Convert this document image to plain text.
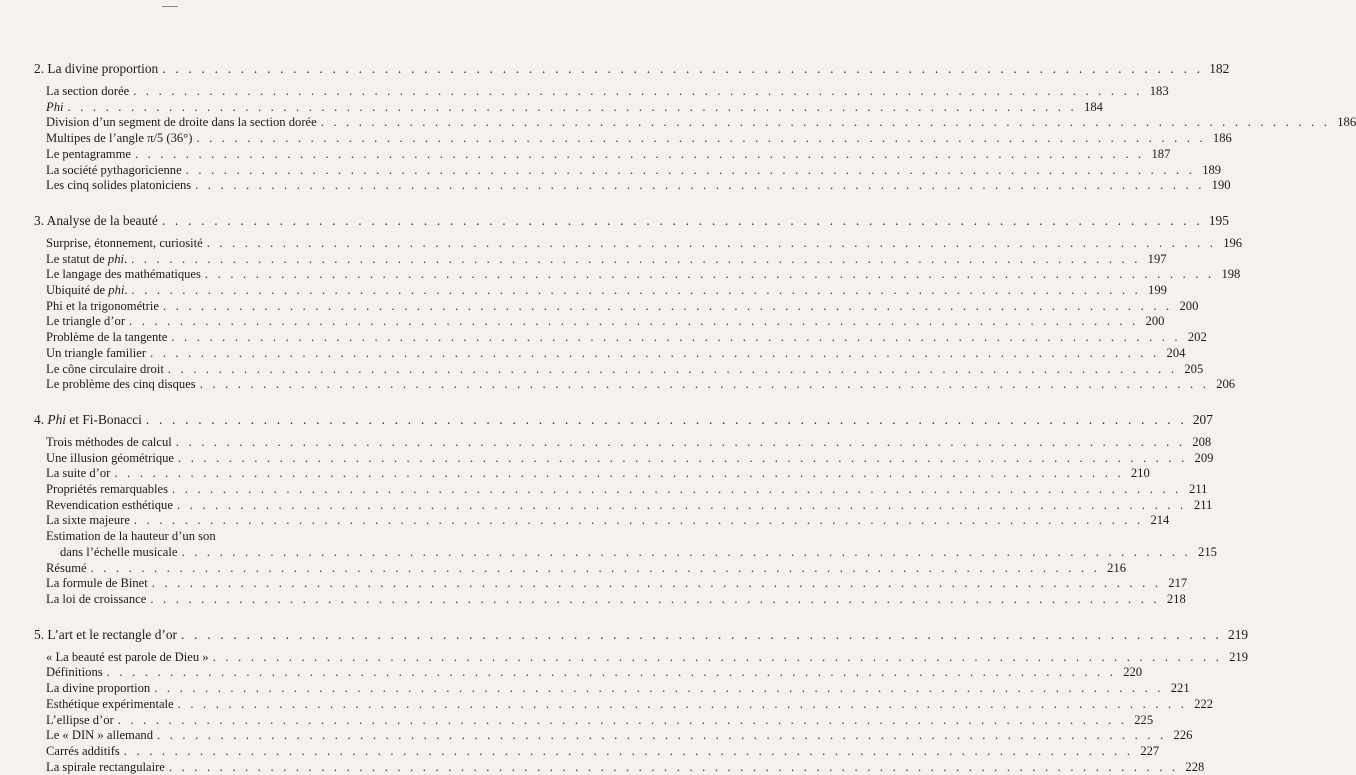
2. La divine proportion . . . . . . . . . . . . . . . . . . . . . . . . . . . . . . . . . . . . . . . . . . . . . . . . . . . . . . . . . . . . . . . . . . . . . . . . . . . . . . . . 182
La section dorée . . . . . . . . . . . . . . . . . . . . . . . . . . . . . . . . . . . . . . . . . . . . . . . . . . . . . . . . . . . . . . . . . . . . . . . . . . . . . . . . 183
Phi . . . . . . . . . . . . . . . . . . . . . . . . . . . . . . . . . . . . . . . . . . . . . . . . . . . . . . . . . . . . . . . . . . . . . . . . . . . . . . . . 184
Division d’un segment de droite dans la section dorée . . . . . . . . . . . . . . . . . . . . . . . . . . . . . . . . . . . . . . . . . . . . . . . . . . . . . . . . . . . . . . . . . . . . . . . . . . . . . . . . 186
Multipes de l’angle π/5 (36°) . . . . . . . . . . . . . . . . . . . . . . . . . . . . . . . . . . . . . . . . . . . . . . . . . . . . . . . . . . . . . . . . . . . . . . . . . . . . . . . . 186
Le pentagramme . . . . . . . . . . . . . . . . . . . . . . . . . . . . . . . . . . . . . . . . . . . . . . . . . . . . . . . . . . . . . . . . . . . . . . . . . . . . . . . . 187
La société pythagoricienne . . . . . . . . . . . . . . . . . . . . . . . . . . . . . . . . . . . . . . . . . . . . . . . . . . . . . . . . . . . . . . . . . . . . . . . . . . . . . . . . 189
Les cinq solides platoniciens . . . . . . . . . . . . . . . . . . . . . . . . . . . . . . . . . . . . . . . . . . . . . . . . . . . . . . . . . . . . . . . . . . . . . . . . . . . . . . . . 190
3. Analyse de la beauté . . . . . . . . . . . . . . . . . . . . . . . . . . . . . . . . . . . . . . . . . . . . . . . . . . . . . . . . . . . . . . . . . . . . . . . . . . . . . . . . 195
Surprise, étonnement, curiosité . . . . . . . . . . . . . . . . . . . . . . . . . . . . . . . . . . . . . . . . . . . . . . . . . . . . . . . . . . . . . . . . . . . . . . . . . . . . . . . . 196
Le statut de phi. . . . . . . . . . . . . . . . . . . . . . . . . . . . . . . . . . . . . . . . . . . . . . . . . . . . . . . . . . . . . . . . . . . . . . . . . . . . . . . . . 197
Le langage des mathématiques . . . . . . . . . . . . . . . . . . . . . . . . . . . . . . . . . . . . . . . . . . . . . . . . . . . . . . . . . . . . . . . . . . . . . . . . . . . . . . . . 198
Ubiquité de phi. . . . . . . . . . . . . . . . . . . . . . . . . . . . . . . . . . . . . . . . . . . . . . . . . . . . . . . . . . . . . . . . . . . . . . . . . . . . . . . . . 199
Phi et la trigonométrie . . . . . . . . . . . . . . . . . . . . . . . . . . . . . . . . . . . . . . . . . . . . . . . . . . . . . . . . . . . . . . . . . . . . . . . . . . . . . . . . 200
Le triangle d’or . . . . . . . . . . . . . . . . . . . . . . . . . . . . . . . . . . . . . . . . . . . . . . . . . . . . . . . . . . . . . . . . . . . . . . . . . . . . . . . . 200
Problème de la tangente . . . . . . . . . . . . . . . . . . . . . . . . . . . . . . . . . . . . . . . . . . . . . . . . . . . . . . . . . . . . . . . . . . . . . . . . . . . . . . . . 202
Un triangle familier . . . . . . . . . . . . . . . . . . . . . . . . . . . . . . . . . . . . . . . . . . . . . . . . . . . . . . . . . . . . . . . . . . . . . . . . . . . . . . . . 204
Le cône circulaire droit . . . . . . . . . . . . . . . . . . . . . . . . . . . . . . . . . . . . . . . . . . . . . . . . . . . . . . . . . . . . . . . . . . . . . . . . . . . . . . . . 205
Le problème des cinq disques . . . . . . . . . . . . . . . . . . . . . . . . . . . . . . . . . . . . . . . . . . . . . . . . . . . . . . . . . . . . . . . . . . . . . . . . . . . . . . . . 206
4. Phi et Fi-Bonacci . . . . . . . . . . . . . . . . . . . . . . . . . . . . . . . . . . . . . . . . . . . . . . . . . . . . . . . . . . . . . . . . . . . . . . . . . . . . . . . . 207
Trois méthodes de calcul . . . . . . . . . . . . . . . . . . . . . . . . . . . . . . . . . . . . . . . . . . . . . . . . . . . . . . . . . . . . . . . . . . . . . . . . . . . . . . . . 208
Une illusion géométrique . . . . . . . . . . . . . . . . . . . . . . . . . . . . . . . . . . . . . . . . . . . . . . . . . . . . . . . . . . . . . . . . . . . . . . . . . . . . . . . . 209
La suite d’or . . . . . . . . . . . . . . . . . . . . . . . . . . . . . . . . . . . . . . . . . . . . . . . . . . . . . . . . . . . . . . . . . . . . . . . . . . . . . . . . 210
Propriétés remarquables . . . . . . . . . . . . . . . . . . . . . . . . . . . . . . . . . . . . . . . . . . . . . . . . . . . . . . . . . . . . . . . . . . . . . . . . . . . . . . . . 211
Revendication esthétique . . . . . . . . . . . . . . . . . . . . . . . . . . . . . . . . . . . . . . . . . . . . . . . . . . . . . . . . . . . . . . . . . . . . . . . . . . . . . . . . 211
La sixte majeure . . . . . . . . . . . . . . . . . . . . . . . . . . . . . . . . . . . . . . . . . . . . . . . . . . . . . . . . . . . . . . . . . . . . . . . . . . . . . . . . 214
Estimation de la hauteur d’un son
dans l’échelle musicale . . . . . . . . . . . . . . . . . . . . . . . . . . . . . . . . . . . . . . . . . . . . . . . . . . . . . . . . . . . . . . . . . . . . . . . . . . . . . . . . 215
Résumé . . . . . . . . . . . . . . . . . . . . . . . . . . . . . . . . . . . . . . . . . . . . . . . . . . . . . . . . . . . . . . . . . . . . . . . . . . . . . . . . 216
La formule de Binet . . . . . . . . . . . . . . . . . . . . . . . . . . . . . . . . . . . . . . . . . . . . . . . . . . . . . . . . . . . . . . . . . . . . . . . . . . . . . . . . 217
La loi de croissance . . . . . . . . . . . . . . . . . . . . . . . . . . . . . . . . . . . . . . . . . . . . . . . . . . . . . . . . . . . . . . . . . . . . . . . . . . . . . . . . 218
5. L’art et le rectangle d’or . . . . . . . . . . . . . . . . . . . . . . . . . . . . . . . . . . . . . . . . . . . . . . . . . . . . . . . . . . . . . . . . . . . . . . . . . . . . . . . . 219
« La beauté est parole de Dieu » . . . . . . . . . . . . . . . . . . . . . . . . . . . . . . . . . . . . . . . . . . . . . . . . . . . . . . . . . . . . . . . . . . . . . . . . . . . . . . . . 219
Définitions . . . . . . . . . . . . . . . . . . . . . . . . . . . . . . . . . . . . . . . . . . . . . . . . . . . . . . . . . . . . . . . . . . . . . . . . . . . . . . . . 220
La divine proportion . . . . . . . . . . . . . . . . . . . . . . . . . . . . . . . . . . . . . . . . . . . . . . . . . . . . . . . . . . . . . . . . . . . . . . . . . . . . . . . . 221
Esthétique expérimentale . . . . . . . . . . . . . . . . . . . . . . . . . . . . . . . . . . . . . . . . . . . . . . . . . . . . . . . . . . . . . . . . . . . . . . . . . . . . . . . . 222
L’ellipse d’or . . . . . . . . . . . . . . . . . . . . . . . . . . . . . . . . . . . . . . . . . . . . . . . . . . . . . . . . . . . . . . . . . . . . . . . . . . . . . . . . 225
Le « DIN » allemand . . . . . . . . . . . . . . . . . . . . . . . . . . . . . . . . . . . . . . . . . . . . . . . . . . . . . . . . . . . . . . . . . . . . . . . . . . . . . . . . 226
Carrés additifs . . . . . . . . . . . . . . . . . . . . . . . . . . . . . . . . . . . . . . . . . . . . . . . . . . . . . . . . . . . . . . . . . . . . . . . . . . . . . . . . 227
La spirale rectangulaire . . . . . . . . . . . . . . . . . . . . . . . . . . . . . . . . . . . . . . . . . . . . . . . . . . . . . . . . . . . . . . . . . . . . . . . . . . . . . . . . 228
